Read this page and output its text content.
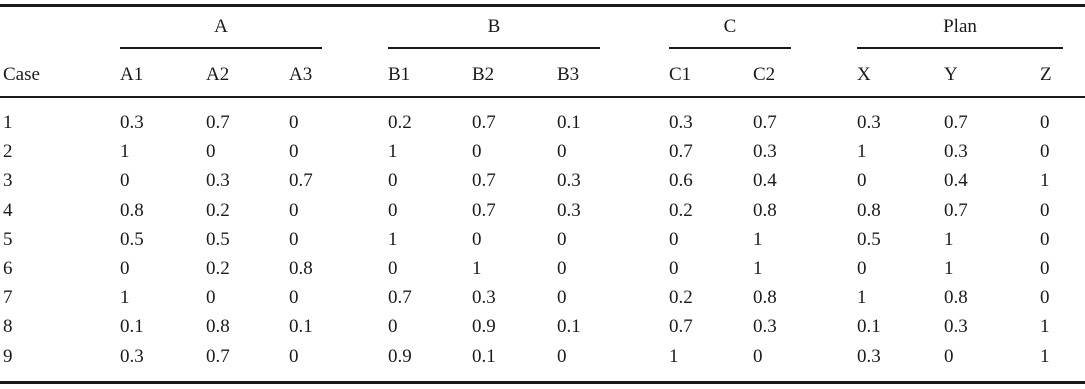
A	B	C	Plan
Case	A1	A2	A3	B1	B2	B3	C1	C2	X	Y	Z
1	0.3	0.7	0	0.2	0.7	0.1	0.3	0.7	0.3	0.7	0
2	1	0	0	1	0	0	0.7	0.3	1	0.3	0
3	0	0.3	0.7	0	0.7	0.3	0.6	0.4	0	0.4	1
4	0.8	0.2	0	0	0.7	0.3	0.2	0.8	0.8	0.7	0
5	0.5	0.5	0	1	0	0	0	1	0.5	1	0
6	0	0.2	0.8	0	1	0	0	1	0	1	0
7	1	0	0	0.7	0.3	0	0.2	0.8	1	0.8	0
8	0.1	0.8	0.1	0	0.9	0.1	0.7	0.3	0.1	0.3	1
9	0.3	0.7	0	0.9	0.1	0	1	0	0.3	0	1
